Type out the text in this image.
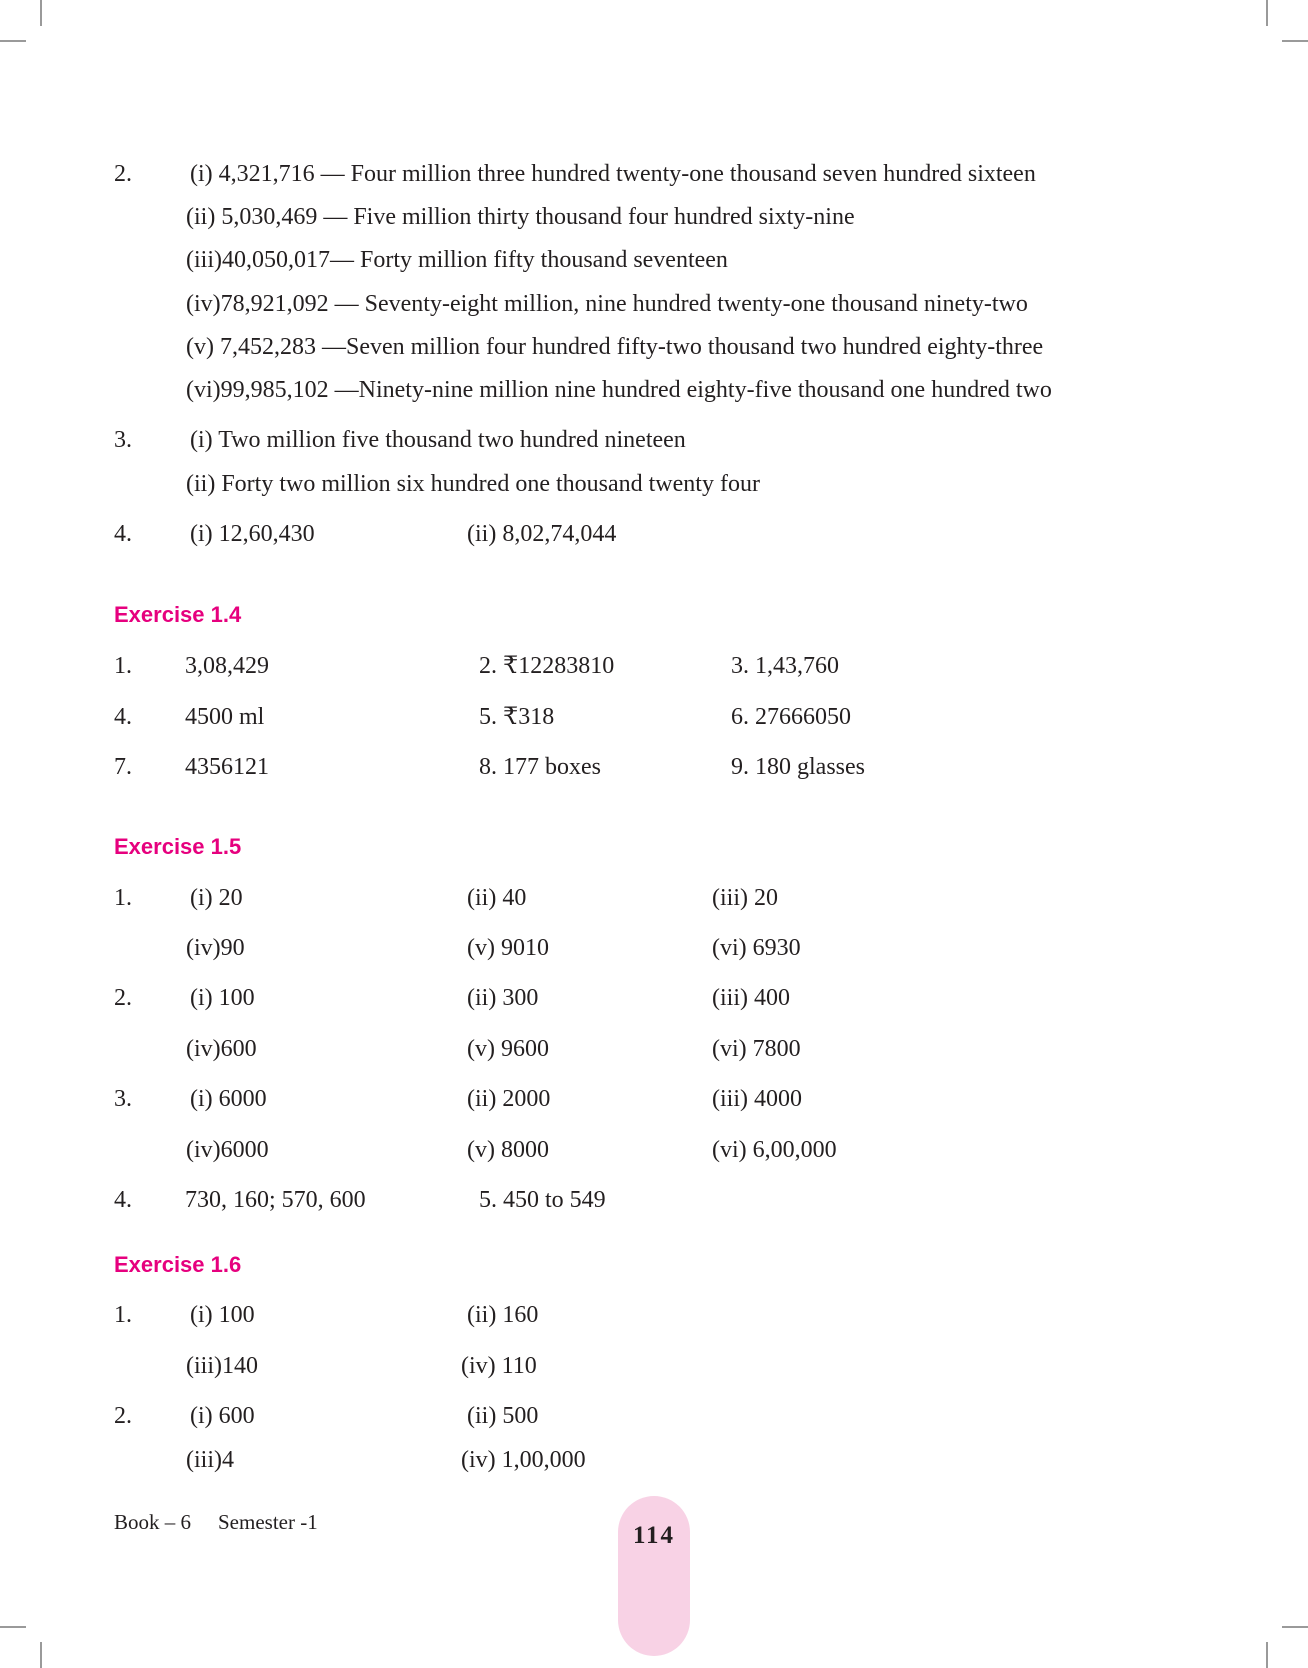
2. (i) 4,321,716 — Four million three hundred twenty-one thousand seven hundred sixteen
(ii) 5,030,469 — Five million thirty thousand four hundred sixty-nine
(iii)40,050,017— Forty million fifty thousand seventeen
(iv)78,921,092 — Seventy-eight million, nine hundred twenty-one thousand ninety-two
(v) 7,452,283 —Seven million four hundred fifty-two thousand two hundred eighty-three
(vi)99,985,102 —Ninety-nine million nine hundred eighty-five thousand one hundred two
3. (i) Two million five thousand two hundred nineteen
(ii) Forty two million six hundred one thousand twenty four
4. (i) 12,60,430	(ii) 8,02,74,044
Exercise 1.4
1. 3,08,429	2. ₹12283810	3. 1,43,760
4. 4500 ml	5. ₹318	6. 27666050
7. 4356121	8. 177 boxes	9. 180 glasses
Exercise 1.5
1. (i) 20	(ii) 40	(iii) 20
(iv)90	(v) 9010	(vi) 6930
2. (i) 100	(ii) 300	(iii) 400
(iv)600	(v) 9600	(vi) 7800
3. (i) 6000	(ii) 2000	(iii) 4000
(iv)6000	(v) 8000	(vi) 6,00,000
4. 730, 160; 570, 600	5. 450 to 549
Exercise 1.6
1. (i) 100	(ii) 160
(iii)140	(iv) 110
2. (i) 600	(ii) 500
(iii)4	(iv) 1,00,000
Book – 6 Semester -1	114
